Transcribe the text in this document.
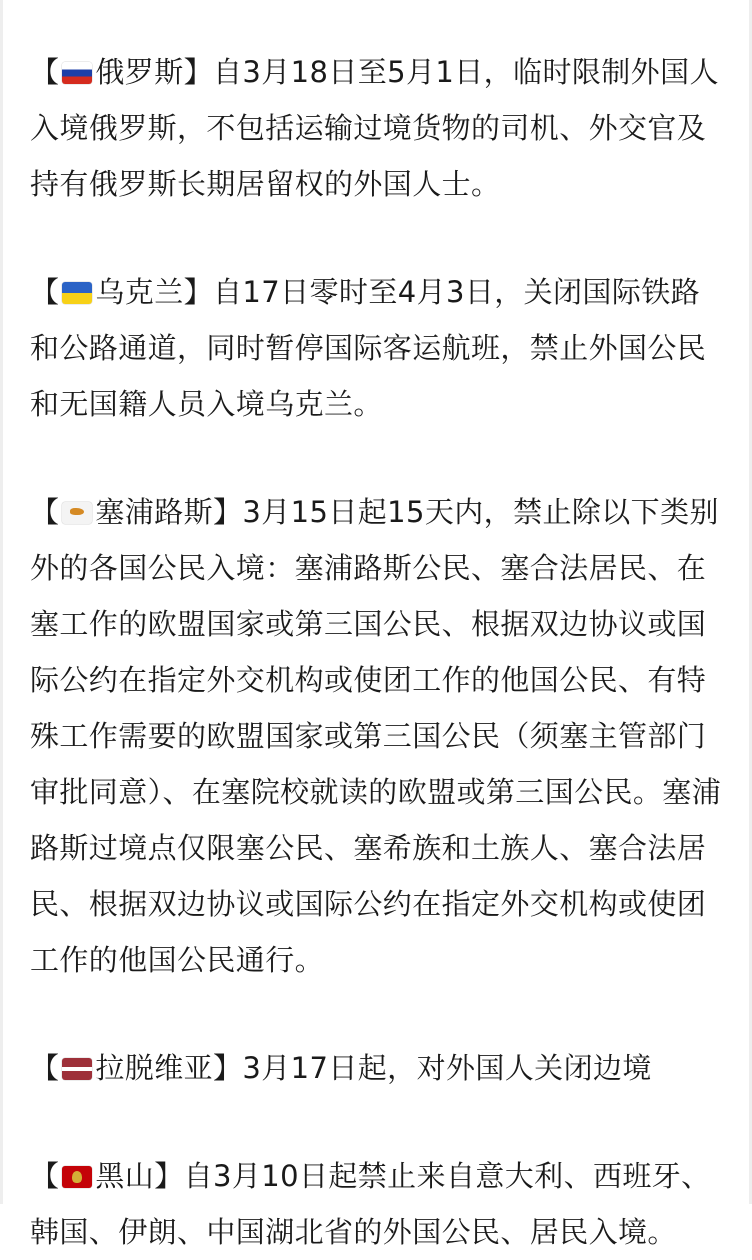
【 俄罗斯】自3月18日至5月1日，临时限制外国人入境俄罗斯，不包括运输过境货物的司机、外交官及持有俄罗斯长期居留权的外国人士。

【 乌克兰】自17日零时至4月3日，关闭国际铁路和公路通道，同时暂停国际客运航班，禁止外国公民和无国籍人员入境乌克兰。

【 塞浦路斯】3月15日起15天内，禁止除以下类别外的各国公民入境：塞浦路斯公民、塞合法居民、在塞工作的欧盟国家或第三国公民、根据双边协议或国际公约在指定外交机构或使团工作的他国公民、有特殊工作需要的欧盟国家或第三国公民（须塞主管部门审批同意）、在塞院校就读的欧盟或第三国公民。塞浦路斯过境点仅限塞公民、塞希族和土族人、塞合法居民、根据双边协议或国际公约在指定外交机构或使团工作的他国公民通行。

【 拉脱维亚】3月17日起，对外国人关闭边境

【 黑山】自3月10日起禁止来自意大利、西班牙、韩国、伊朗、中国湖北省的外国公民、居民入境。
